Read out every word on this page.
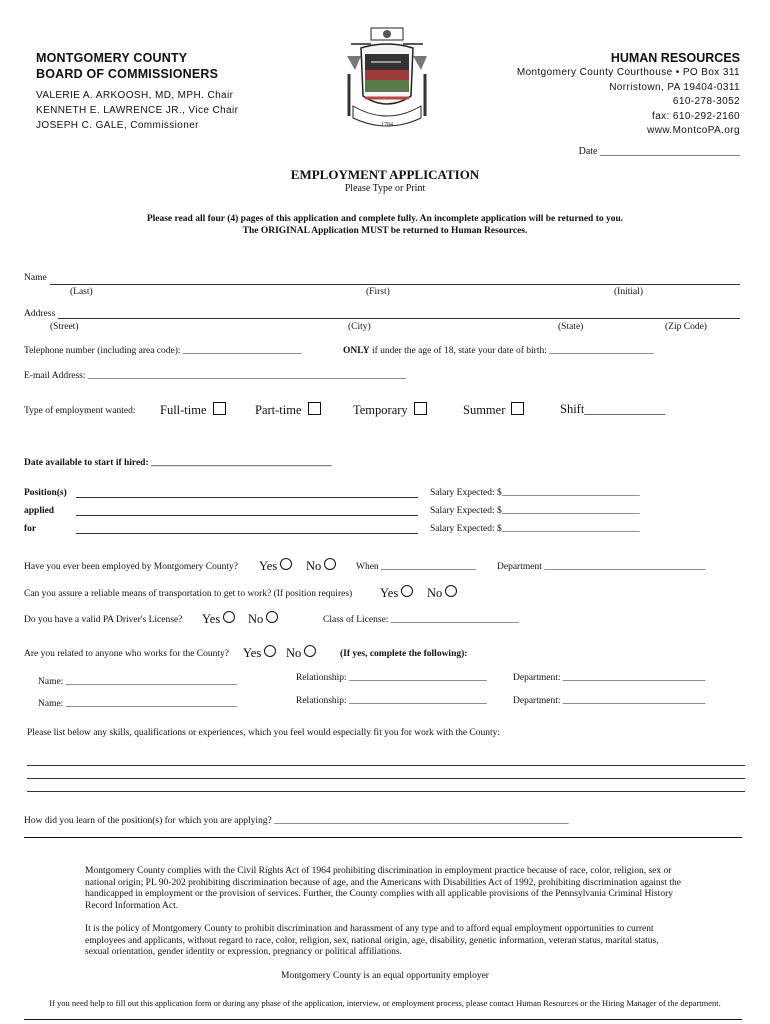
MONTGOMERY COUNTY
BOARD OF COMMISSIONERS
VALERIE A. ARKOOSH, MD, MPH. Chair
KENNETH E. LAWRENCE JR., Vice Chair
JOSEPH C. GALE, Commissioner	1784
HUMAN RESOURCES
Montgomery County Courthouse • PO Box 311
Norristown, PA 19404-0311
610-278-3052
fax: 610-292-2160
www.MontcoPA.org
Date ____________________________
EMPLOYMENT APPLICATION
Please Type or Print
Please read all four (4) pages of this application and complete fully. An incomplete application will be returned to you.
The ORIGINAL Application MUST be returned to Human Resources.
Name
(Last)	(First)	(Initial)
Address
(Street)	(City)	(State)	(Zip Code)
Telephone number (including area code): _________________________	ONLY if under the age of 18, state your date of birth: ______________________
E-mail Address: ___________________________________________________________________
Type of employment wanted: Full-time	Part-time	Temporary	Summer	Shift_____________
Date available to start if hired: ______________________________________
Position(s)
applied
for
Salary Expected: $_____________________________
Salary Expected: $_____________________________
Salary Expected: $_____________________________
Have you ever been employed by Montgomery County? Yes	No	When ____________________ Department __________________________________
Can you assure a reliable means of transportation to get to work? (If position requires) Yes	No
Do you have a valid PA Driver's License? Yes	No	Class of License: ___________________________
Are you related to anyone who works for the County? Yes	No	(If yes, complete the following):
Name: ____________________________________	Relationship: _____________________________	Department: ______________________________
Name: ____________________________________	Relationship: _____________________________	Department: ______________________________
Please list below any skills, qualifications or experiences, which you feel would especially fit you for work with the County:
How did you learn of the position(s) for which you are applying? ______________________________________________________________
Montgomery County complies with the Civil Rights Act of 1964 prohibiting discrimination in employment practice because of race, color, religion, sex or national origin; PL 90-202 prohibiting discrimination because of age, and the Americans with Disabilities Act of 1992, prohibiting discrimination against the handicapped in employment or the provision of services. Further, the County complies with all applicable provisions of the Pennsylvania Criminal History Record Information Act.
It is the policy of Montgomery County to prohibit discrimination and harassment of any type and to afford equal employment opportunities to current employees and applicants, without regard to race, color, religion, sex, national origin, age, disability, genetic information, veteran status, marital status, sexual orientation, gender identity or expression, pregnancy or political affiliations.
Montgomery County is an equal opportunity employer
If you need help to fill out this application form or during any phase of the application, interview, or employment process, please contact Human Resources or the Hiring Manager of the department.
